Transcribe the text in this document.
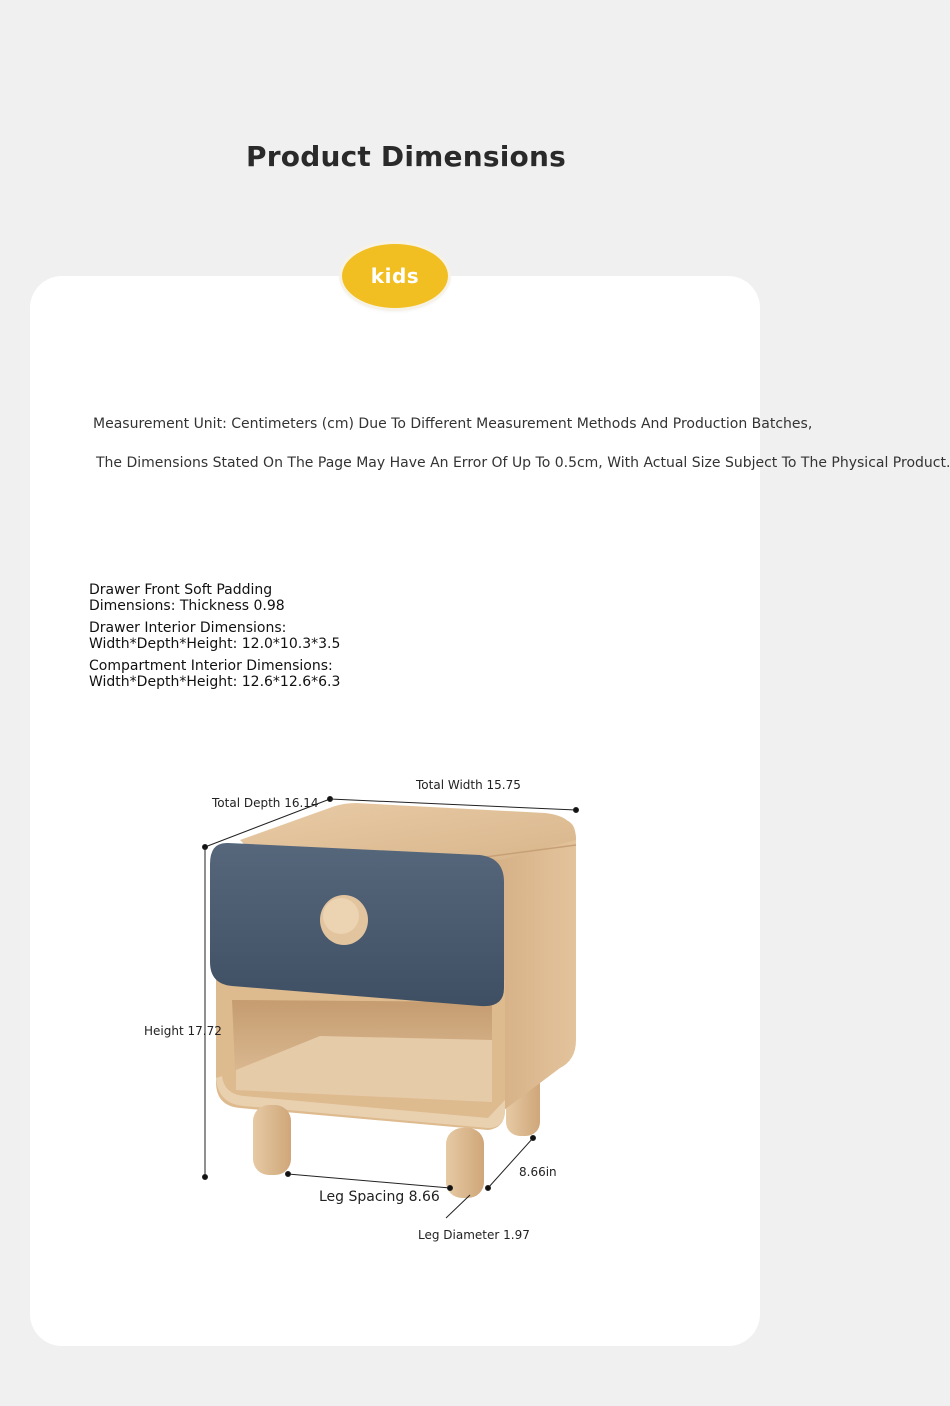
Product Dimensions
kids
Measurement Unit: Centimeters (cm) Due To Different Measurement Methods And Production Batches,
The Dimensions Stated On The Page May Have An Error Of Up To 0.5cm, With Actual Size Subject To The Physical Product.
Drawer Front Soft Padding Dimensions: Thickness 0.98
Drawer Interior Dimensions: Width*Depth*Height: 12.0*10.3*3.5
Compartment Interior Dimensions: Width*Depth*Height: 12.6*12.6*6.3
Total Depth 16.14
Total Width 15.75
Height 17.72
Leg Spacing 8.66
8.66in
Leg Diameter 1.97
